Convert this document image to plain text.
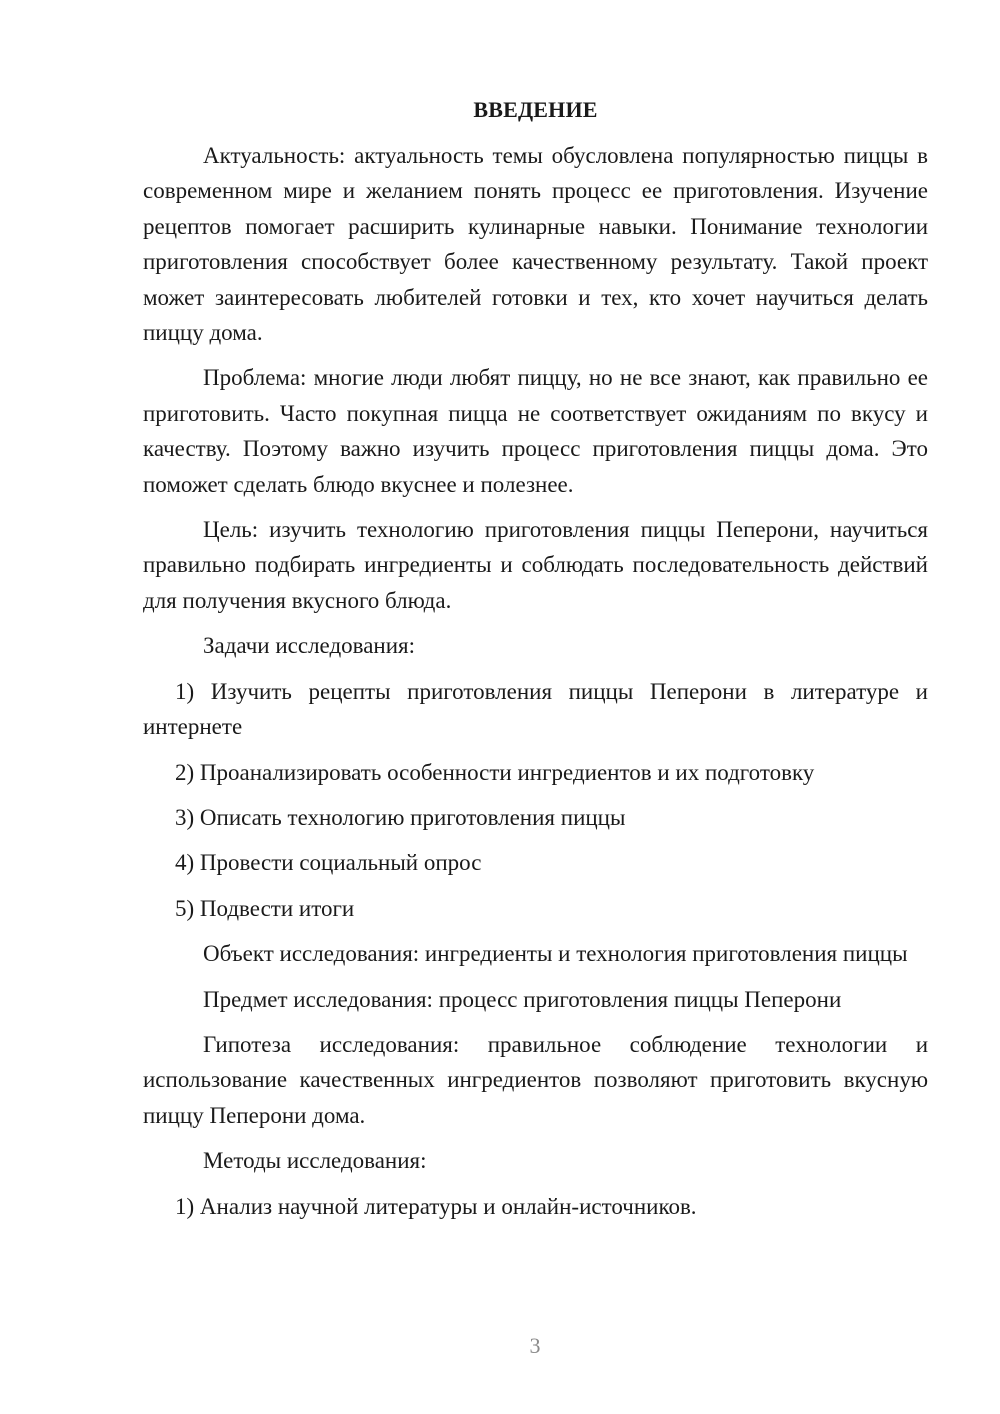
ВВЕДЕНИЕ
Актуальность: актуальность темы обусловлена популярностью пиццы в современном мире и желанием понять процесс ее приготовления. Изучение рецептов помогает расширить кулинарные навыки. Понимание технологии приготовления способствует более качественному результату. Такой проект может заинтересовать любителей готовки и тех, кто хочет научиться делать пиццу дома.
Проблема: многие люди любят пиццу, но не все знают, как правильно ее приготовить. Часто покупная пицца не соответствует ожиданиям по вкусу и качеству. Поэтому важно изучить процесс приготовления пиццы дома. Это поможет сделать блюдо вкуснее и полезнее.
Цель: изучить технологию приготовления пиццы Пеперони, научиться правильно подбирать ингредиенты и соблюдать последовательность действий для получения вкусного блюда.
Задачи исследования:
1) Изучить рецепты приготовления пиццы Пеперони в литературе и интернете
2) Проанализировать особенности ингредиентов и их подготовку
3) Описать технологию приготовления пиццы
4) Провести социальный опрос
5) Подвести итоги
Объект исследования: ингредиенты и технология приготовления пиццы
Предмет исследования: процесс приготовления пиццы Пеперони
Гипотеза исследования: правильное соблюдение технологии и использование качественных ингредиентов позволяют приготовить вкусную пиццу Пеперони дома.
Методы исследования:
1) Анализ научной литературы и онлайн-источников.
3
